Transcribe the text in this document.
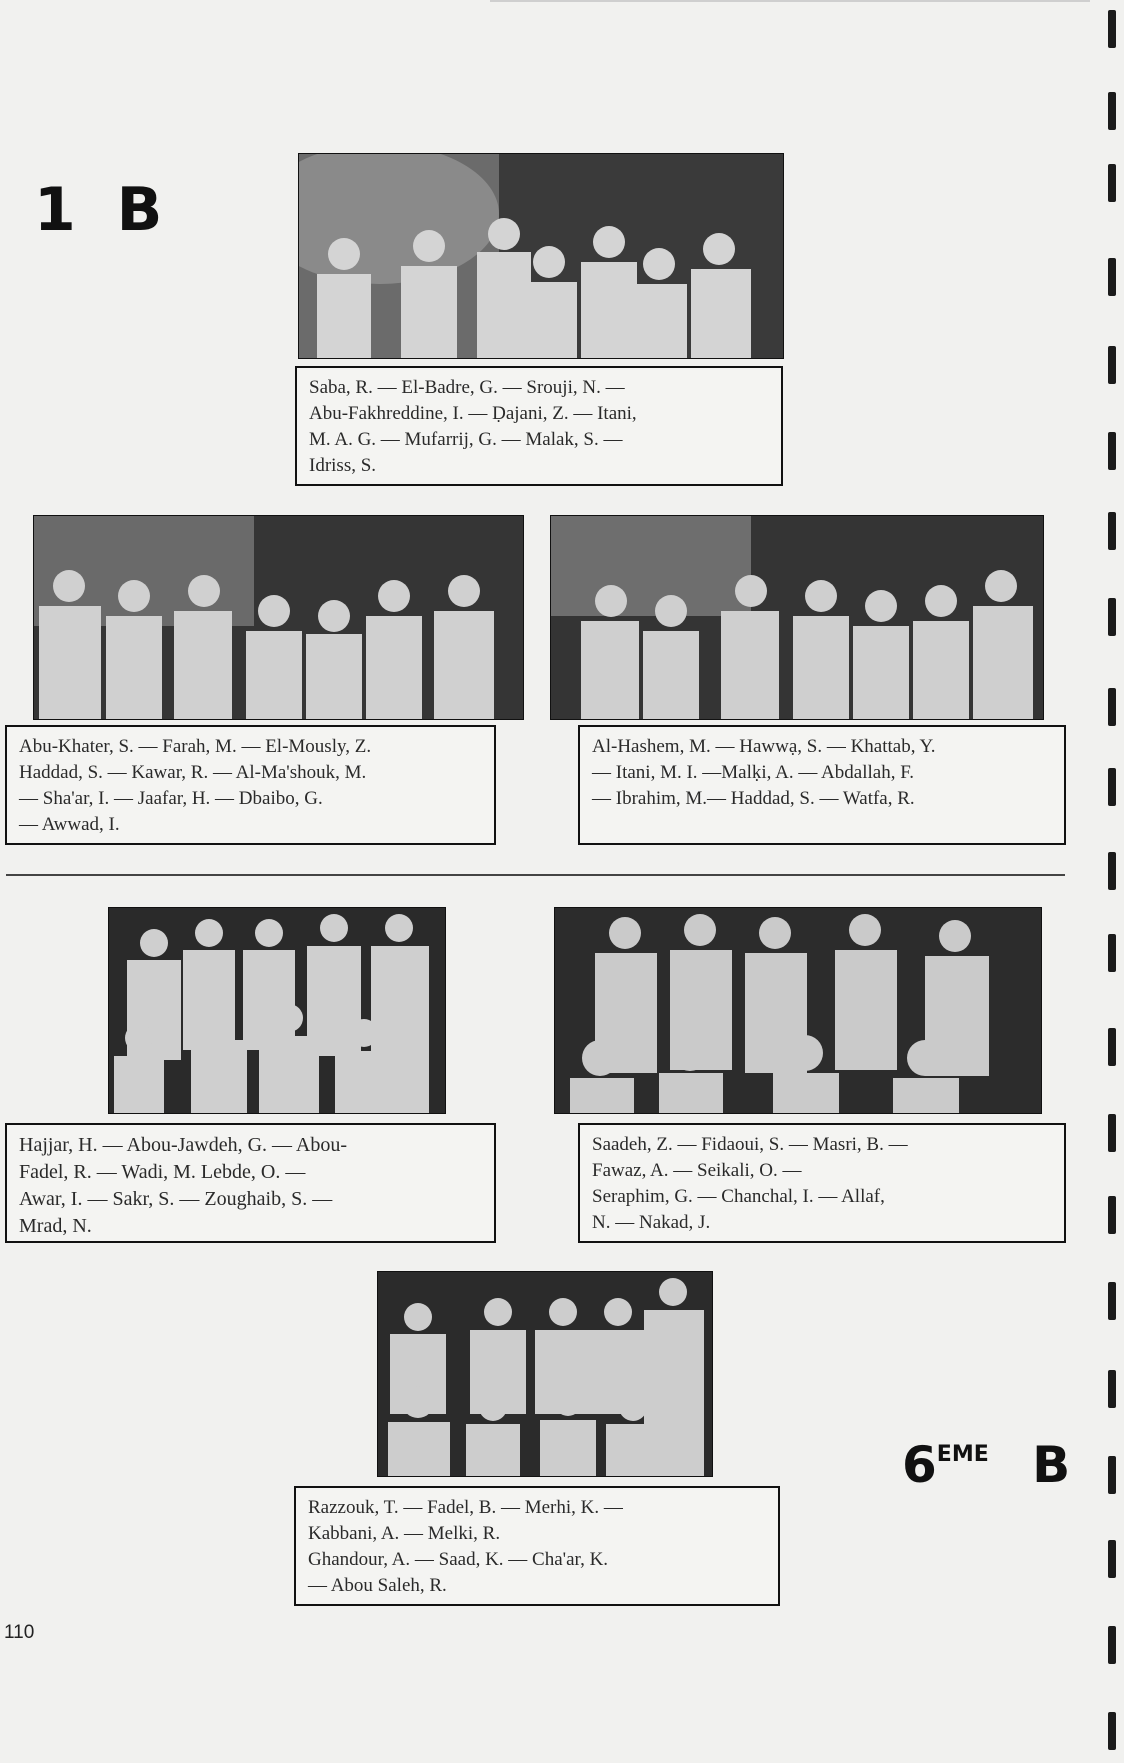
1 B
Saba, R. — El-Badre, G. — Srouji, N. —
Abu-Fakhreddine, I. — Ḍajani, Z. — Itani,
M. A. G. — Mufarrij, G. — Malak, S. —
Idriss, S.
Abu-Khater, S. — Farah, M. — El-Mously, Z.
Haddad, S. — Kawar, R. — Al-Ma'shouk, M.
— Sha'ar, I. — Jaafar, H. — Dbaibo, G.
— Awwad, I.
Al-Hashem, M. — Hawwạ, S. — Khattab, Y.
— Itani, M. I. —Malḳi, A. — Abdallah, F.
— Ibrahim, M.— Haddad, S. — Watfa, R.
Hajjar, H. — Abou-Jawdeh, G. — Abou-
Fadel, R. — Wadi, M. Lebde, O. —
Awar, I. — Sakr, S. — Zoughaib, S. —
Mrad, N.
Saadeh, Z. — Fidaoui, S. — Masri, B. —
Fawaz, A. — Seikali, O. —
Seraphim, G. — Chanchal, I. — Allaf,
N. — Nakad, J.
Razzouk, T. — Fadel, B. — Merhi, K. —
Kabbani, A. — Melki, R.
Ghandour, A. — Saad, K. — Cha'ar, K.
— Abou Saleh, R.
6EME B
110
